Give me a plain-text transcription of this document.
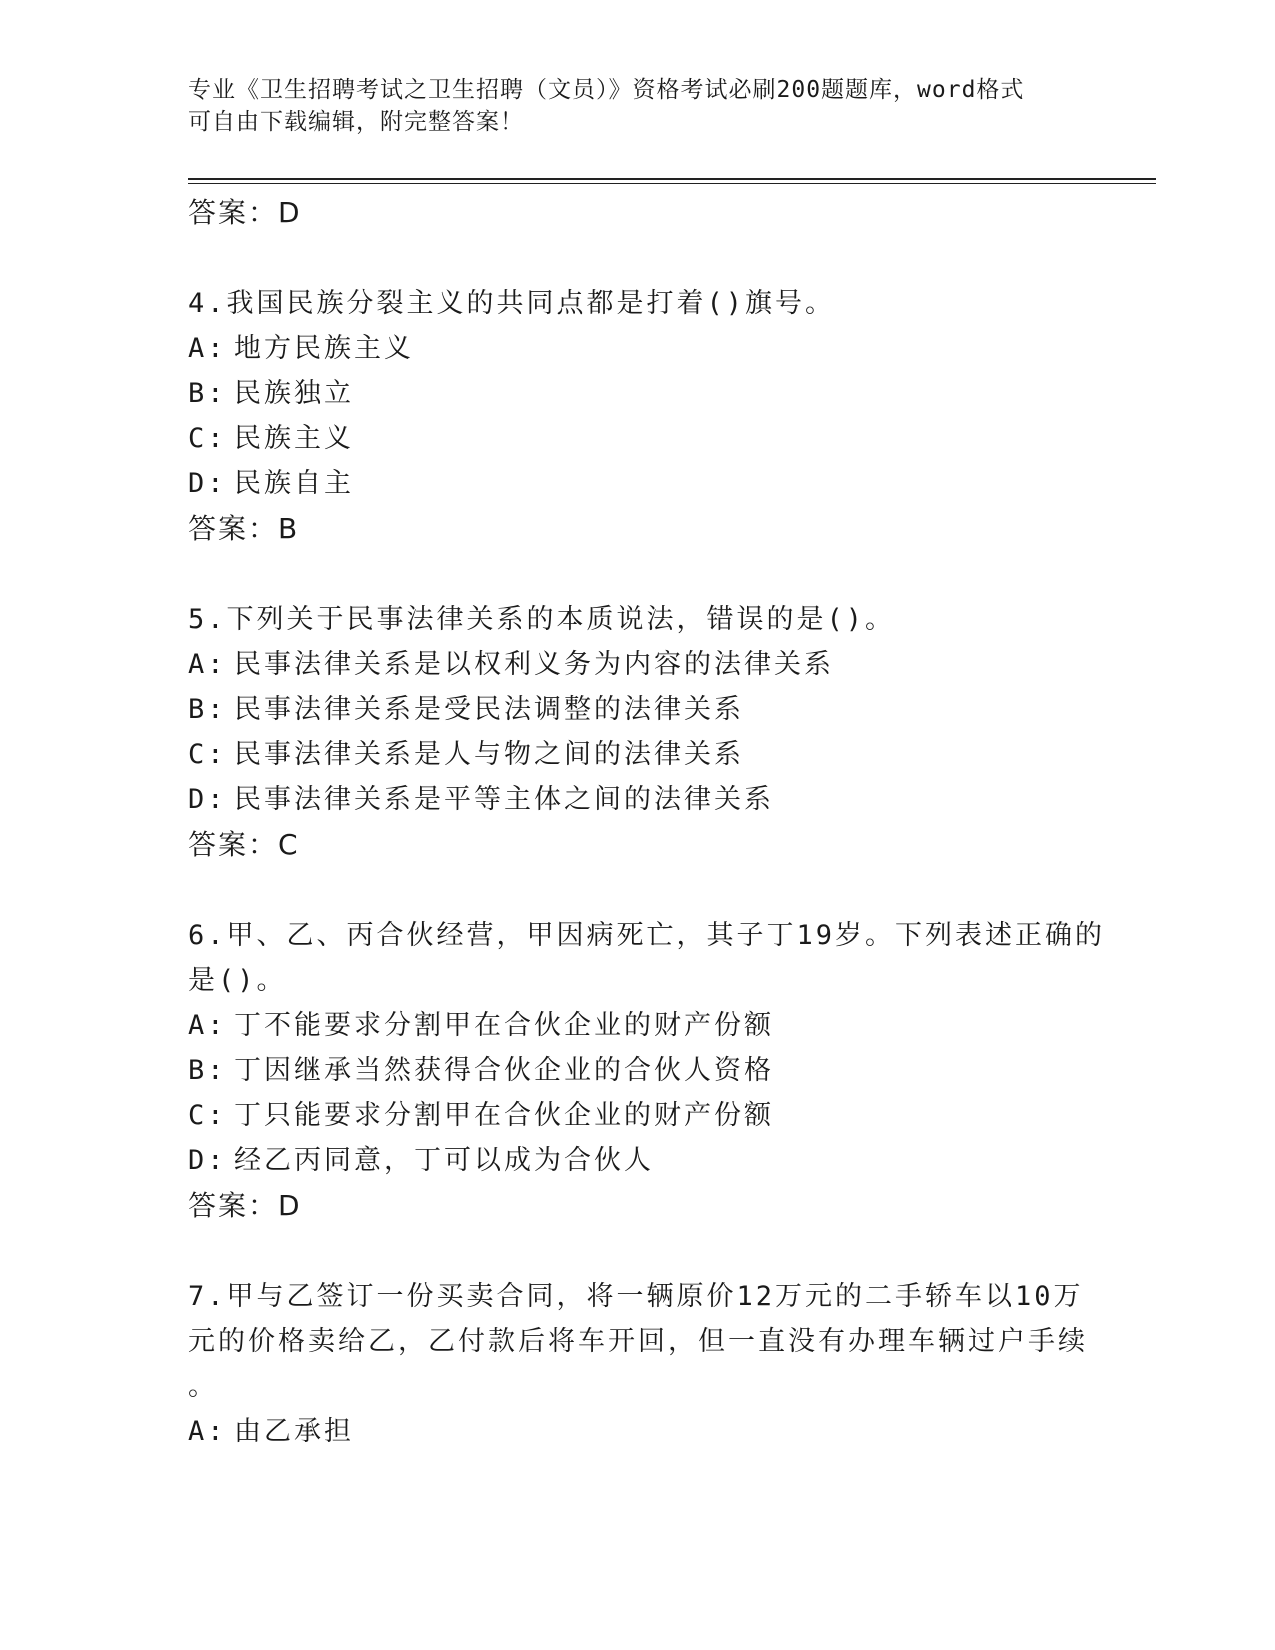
专业《卫生招聘考试之卫生招聘（文员）》资格考试必刷200题题库，word格式
可自由下载编辑，附完整答案！
答案：D
4.我国民族分裂主义的共同点都是打着()旗号。
A: 地方民族主义
B: 民族独立
C: 民族主义
D: 民族自主
答案：B
5.下列关于民事法律关系的本质说法，错误的是()。
A: 民事法律关系是以权利义务为内容的法律关系
B: 民事法律关系是受民法调整的法律关系
C: 民事法律关系是人与物之间的法律关系
D: 民事法律关系是平等主体之间的法律关系
答案：C
6.甲、乙、丙合伙经营，甲因病死亡，其子丁19岁。下列表述正确的
是()。
A: 丁不能要求分割甲在合伙企业的财产份额
B: 丁因继承当然获得合伙企业的合伙人资格
C: 丁只能要求分割甲在合伙企业的财产份额
D: 经乙丙同意，丁可以成为合伙人
答案：D
7.甲与乙签订一份买卖合同，将一辆原价12万元的二手轿车以10万
元的价格卖给乙，乙付款后将车开回，但一直没有办理车辆过户手续
。
A: 由乙承担
